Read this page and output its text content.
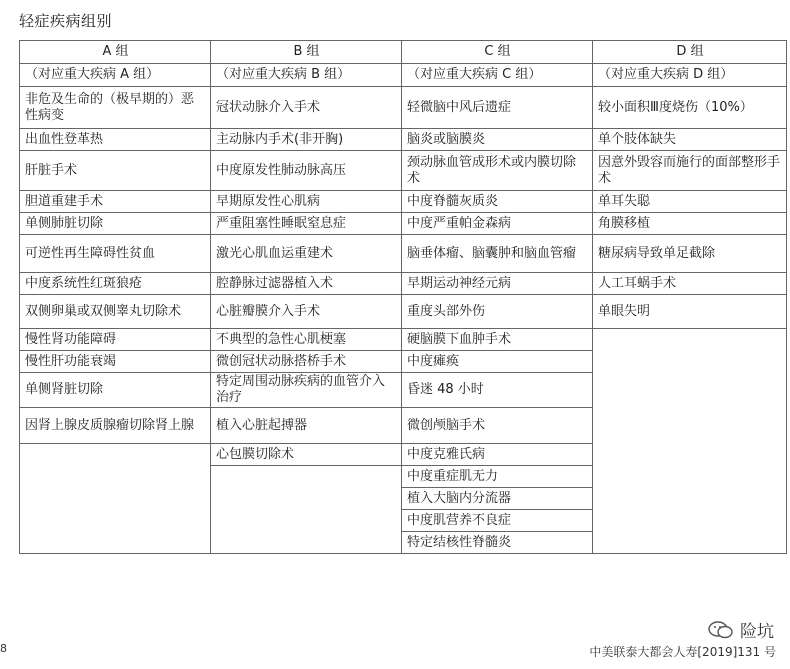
轻症疾病组别
A 组	B 组	C 组	D 组
（对应重大疾病 A 组）	（对应重大疾病 B 组）	（对应重大疾病 C 组）	（对应重大疾病 D 组）
非危及生命的（极早期的）恶性病变	冠状动脉介入手术	轻微脑中风后遗症	较小面积Ⅲ度烧伤（10%）
出血性登革热	主动脉内手术(非开胸)	脑炎或脑膜炎	单个肢体缺失
肝脏手术	中度原发性肺动脉高压	颈动脉血管成形术或内膜切除术	因意外毁容而施行的面部整形手术
胆道重建手术	早期原发性心肌病	中度脊髓灰质炎	单耳失聪
单侧肺脏切除	严重阻塞性睡眠窒息症	中度严重帕金森病	角膜移植
可逆性再生障碍性贫血	激光心肌血运重建术	脑垂体瘤、脑囊肿和脑血管瘤	糖尿病导致单足截除
中度系统性红斑狼疮	腔静脉过滤器植入术	早期运动神经元病	人工耳蜗手术
双侧卵巢或双侧睾丸切除术	心脏瓣膜介入手术	重度头部外伤	单眼失明
慢性肾功能障碍	不典型的急性心肌梗塞	硬脑膜下血肿手术	
慢性肝功能衰竭	微创冠状动脉搭桥手术	中度瘫痪	
单侧肾脏切除	特定周围动脉疾病的血管介入治疗	昏迷 48 小时	
因肾上腺皮质腺瘤切除肾上腺	植入心脏起搏器	微创颅脑手术	
	心包膜切除术	中度克雅氏病	
		中度重症肌无力	
		植入大脑内分流器	
		中度肌营养不良症	
		特定结核性脊髓炎	
8
险坑
中美联泰大都会人寿[2019]131 号
